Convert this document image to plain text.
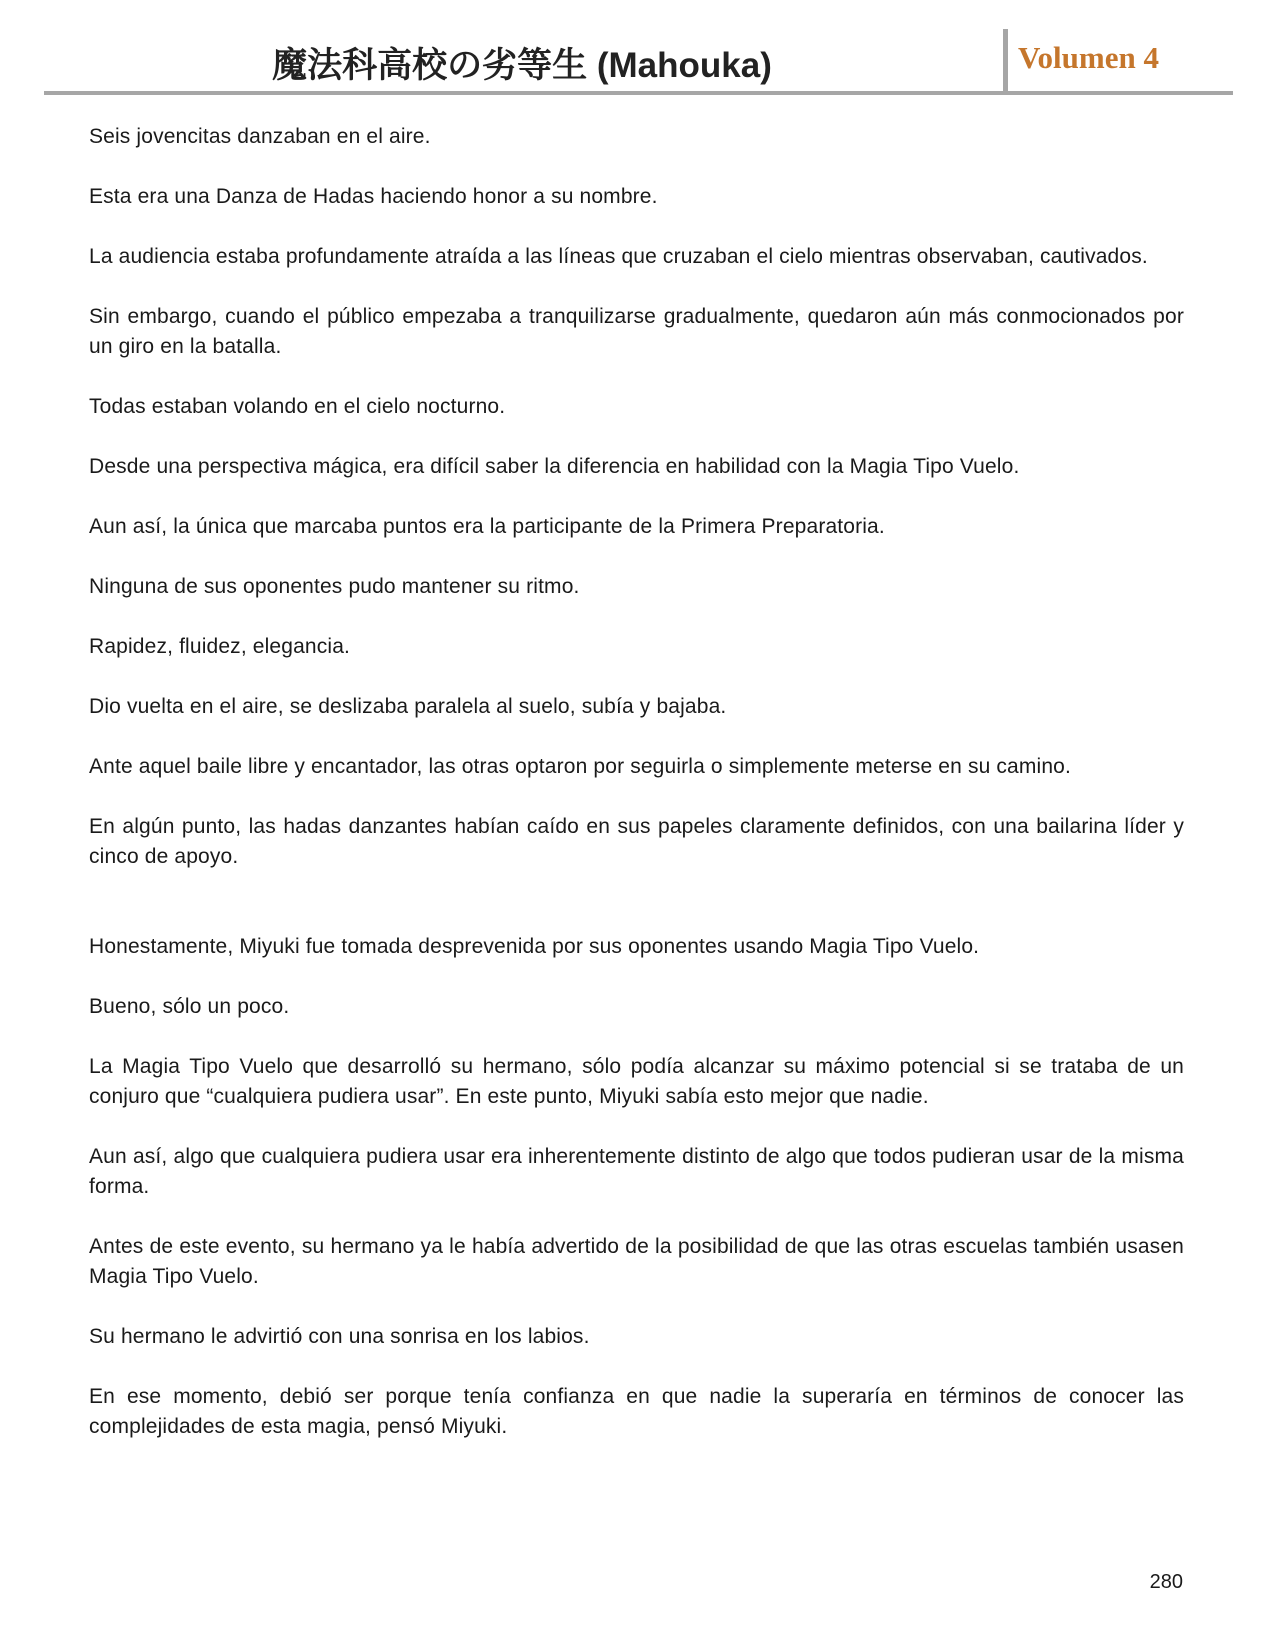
魔法科高校の劣等生 (Mahouka)	Volumen 4

Seis jovencitas danzaban en el aire.

Esta era una Danza de Hadas haciendo honor a su nombre.

La audiencia estaba profundamente atraída a las líneas que cruzaban el cielo mientras observaban, cautivados.

Sin embargo, cuando el público empezaba a tranquilizarse gradualmente, quedaron aún más conmocionados por un giro en la batalla.

Todas estaban volando en el cielo nocturno.

Desde una perspectiva mágica, era difícil saber la diferencia en habilidad con la Magia Tipo Vuelo.

Aun así, la única que marcaba puntos era la participante de la Primera Preparatoria.

Ninguna de sus oponentes pudo mantener su ritmo.

Rapidez, fluidez, elegancia.

Dio vuelta en el aire, se deslizaba paralela al suelo, subía y bajaba.

Ante aquel baile libre y encantador, las otras optaron por seguirla o simplemente meterse en su camino.

En algún punto, las hadas danzantes habían caído en sus papeles claramente definidos, con una bailarina líder y cinco de apoyo.

Honestamente, Miyuki fue tomada desprevenida por sus oponentes usando Magia Tipo Vuelo.

Bueno, sólo un poco.

La Magia Tipo Vuelo que desarrolló su hermano, sólo podía alcanzar su máximo potencial si se trataba de un conjuro que “cualquiera pudiera usar”. En este punto, Miyuki sabía esto mejor que nadie.

Aun así, algo que cualquiera pudiera usar era inherentemente distinto de algo que todos pudieran usar de la misma forma.

Antes de este evento, su hermano ya le había advertido de la posibilidad de que las otras escuelas también usasen Magia Tipo Vuelo.

Su hermano le advirtió con una sonrisa en los labios.

En ese momento, debió ser porque tenía confianza en que nadie la superaría en términos de conocer las complejidades de esta magia, pensó Miyuki.

280
